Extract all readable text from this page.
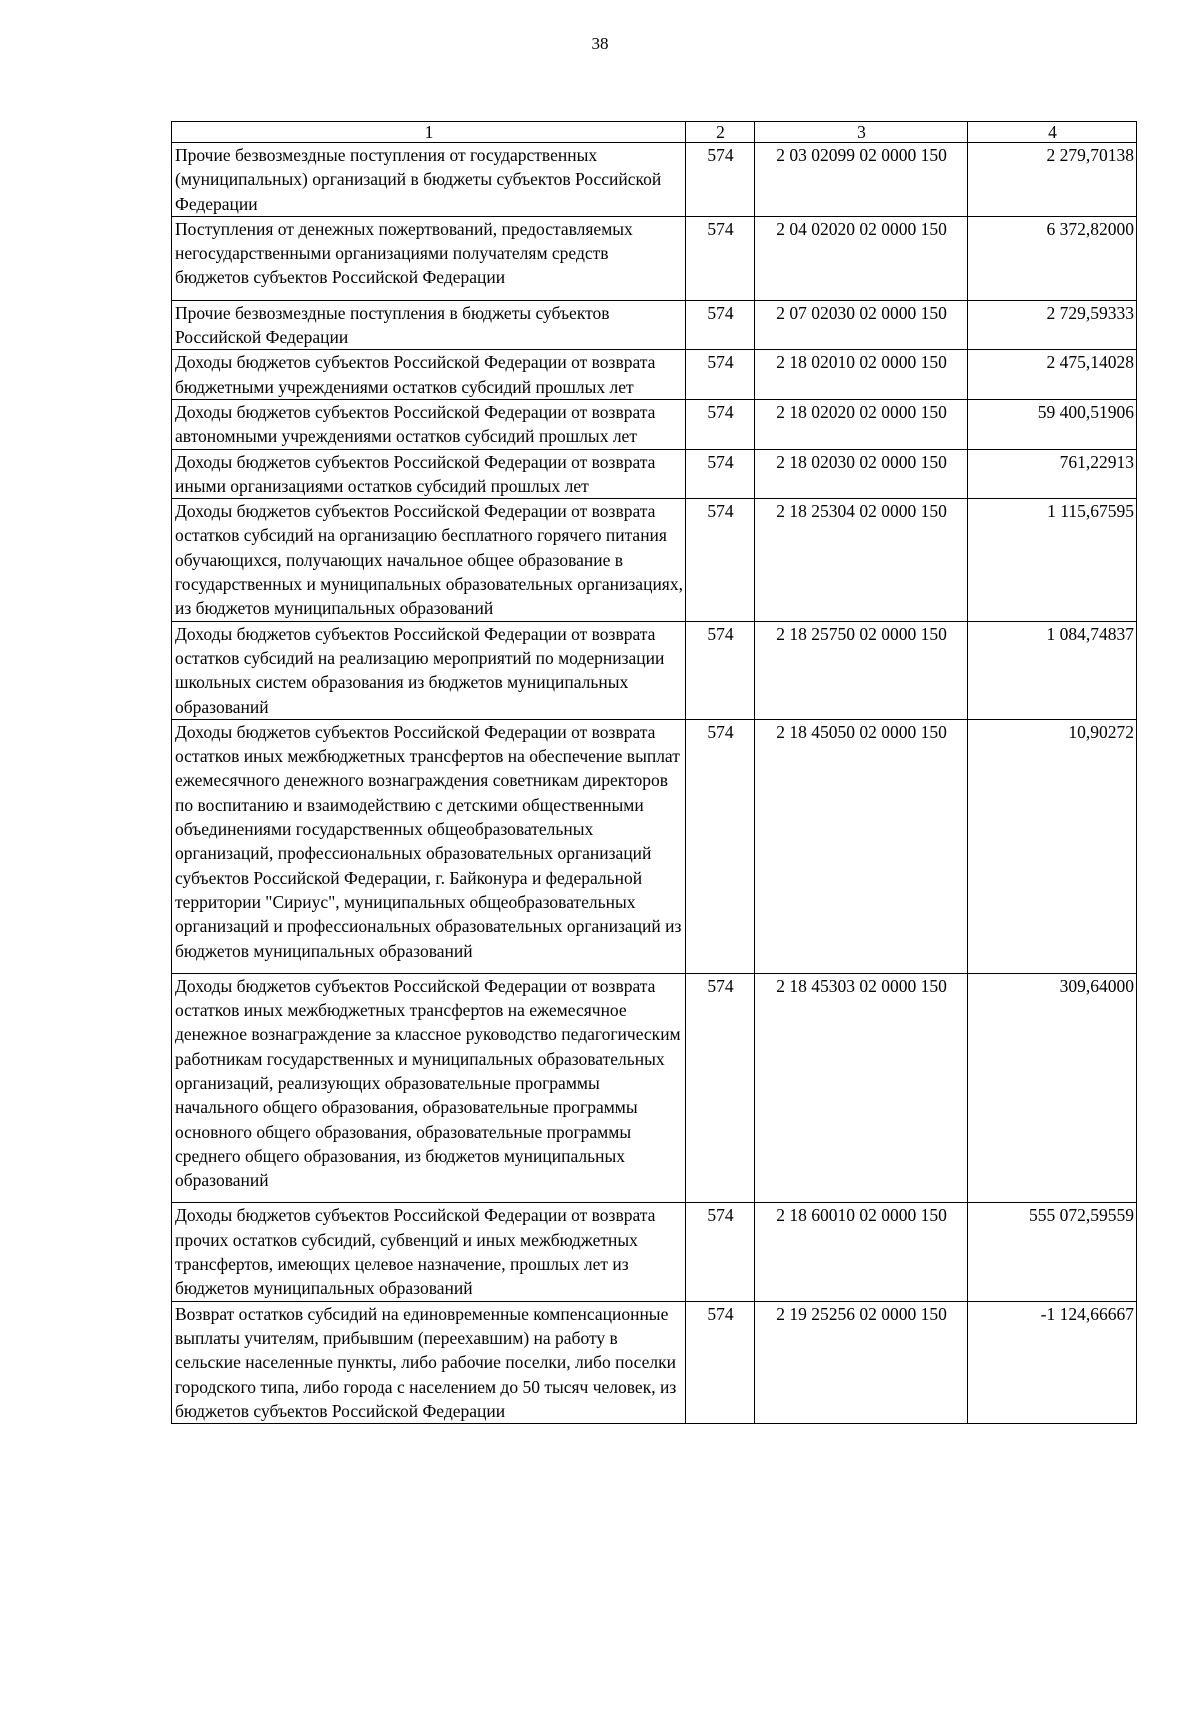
38
1	2	3	4
Прочие безвозмездные поступления от государственных (муниципальных) организаций в бюджеты субъектов Российской Федерации	574	2 03 02099 02 0000 150	2 279,70138
Поступления от денежных пожертвований, предоставляемых негосударственными организациями получателям средств бюджетов субъектов Российской Федерации	574	2 04 02020 02 0000 150	6 372,82000
Прочие безвозмездные поступления в бюджеты субъектов Российской Федерации	574	2 07 02030 02 0000 150	2 729,59333
Доходы бюджетов субъектов Российской Федерации от возврата бюджетными учреждениями остатков субсидий прошлых лет	574	2 18 02010 02 0000 150	2 475,14028
Доходы бюджетов субъектов Российской Федерации от возврата автономными учреждениями остатков субсидий прошлых лет	574	2 18 02020 02 0000 150	59 400,51906
Доходы бюджетов субъектов Российской Федерации от возврата иными организациями остатков субсидий прошлых лет	574	2 18 02030 02 0000 150	761,22913
Доходы бюджетов субъектов Российской Федерации от возврата остатков субсидий на организацию бесплатного горячего питания обучающихся, получающих начальное общее образование в государственных и муниципальных образовательных организациях, из бюджетов муниципальных образований	574	2 18 25304 02 0000 150	1 115,67595
Доходы бюджетов субъектов Российской Федерации от возврата остатков субсидий на реализацию мероприятий по модернизации школьных систем образования из бюджетов муниципальных образований	574	2 18 25750 02 0000 150	1 084,74837
Доходы бюджетов субъектов Российской Федерации от возврата остатков иных межбюджетных трансфертов на обеспечение выплат ежемесячного денежного вознаграждения советникам директоров по воспитанию и взаимодействию с детскими общественными объединениями государственных общеобразовательных организаций, профессиональных образовательных организаций субъектов Российской Федерации, г. Байконура и федеральной территории "Сириус", муниципальных общеобразовательных организаций и профессиональных образовательных организаций из бюджетов муниципальных образований	574	2 18 45050 02 0000 150	10,90272
Доходы бюджетов субъектов Российской Федерации от возврата остатков иных межбюджетных трансфертов на ежемесячное денежное вознаграждение за классное руководство педагогическим работникам государственных и муниципальных образовательных организаций, реализующих образовательные программы начального общего образования, образовательные программы основного общего образования, образовательные программы среднего общего образования, из бюджетов муниципальных образований	574	2 18 45303 02 0000 150	309,64000
Доходы бюджетов субъектов Российской Федерации от возврата прочих остатков субсидий, субвенций и иных межбюджетных трансфертов, имеющих целевое назначение, прошлых лет из бюджетов муниципальных образований	574	2 18 60010 02 0000 150	555 072,59559
Возврат остатков субсидий на единовременные компенсационные выплаты учителям, прибывшим (переехавшим) на работу в сельские населенные пункты, либо рабочие поселки, либо поселки городского типа, либо города с населением до 50 тысяч человек, из бюджетов субъектов Российской Федерации	574	2 19 25256 02 0000 150	-1 124,66667
